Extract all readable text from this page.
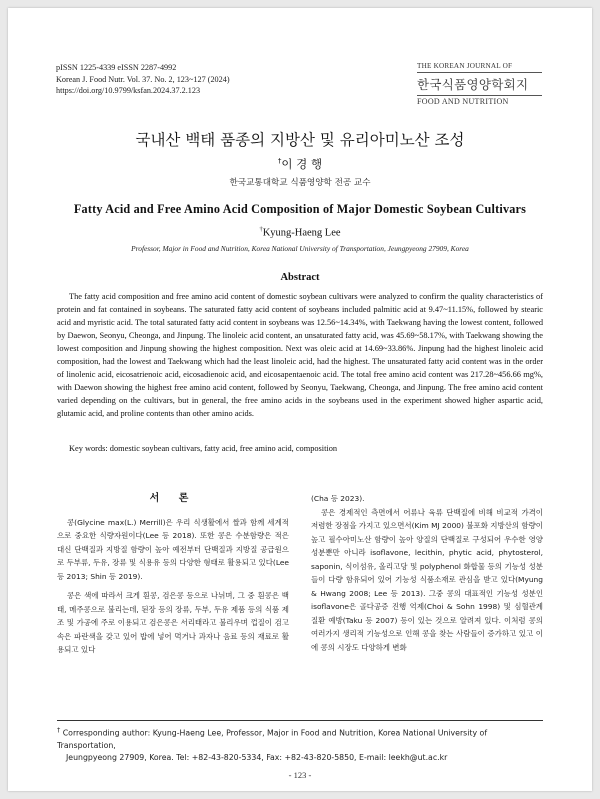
pISSN 1225-4339 eISSN 2287-4992
Korean J. Food Nutr. Vol. 37. No. 2, 123~127 (2024)
https://doi.org/10.9799/ksfan.2024.37.2.123
THE KOREAN JOURNAL OF
한국식품영양학회지
FOOD AND NUTRITION
국내산 백태 품종의 지방산 및 유리아미노산 조성
†이 경 행
한국교통대학교 식품영양학 전공 교수
Fatty Acid and Free Amino Acid Composition of Major Domestic Soybean Cultivars
†Kyung-Haeng Lee
Professor, Major in Food and Nutrition, Korea National University of Transportation, Jeungpyeong 27909, Korea
Abstract

The fatty acid composition and free amino acid content of domestic soybean cultivars were analyzed to confirm the quality characteristics of protein and fat contained in soybeans. The saturated fatty acid content of soybeans included palmitic acid at 9.47~11.15%, followed by stearic acid and myristic acid. The total saturated fatty acid content in soybeans was 12.56~14.34%, with Taekwang having the lowest content, followed by Daewon, Seonyu, Cheonga, and Jinpung. The linoleic acid content, an unsaturated fatty acid, was 45.69~58.17%, with Taekwang showing the lowest composition and Jinpung showing the highest composition. Next was oleic acid at 14.69~33.86%. Jinpung had the highest linoleic acid composition, had the lowest and Taekwang which had the least linoleic acid, had the highest. The unsaturated fatty acid content was in the order of linolenic acid, eicosatrienoic acid, eicosadienoic acid, and eicosapentaenoic acid. The total free amino acid content was 217.28~456.66 mg%, with Daewon showing the highest free amino acid content, followed by Seonyu, Taekwang, Cheonga, and Jinpung. The free amino acid content varied depending on the cultivars, but in general, the free amino acids in the soybeans used in the experiment showed higher aspartic acid, glutamic acid, and proline contents than other amino acids.

Key words: domestic soybean cultivars, fatty acid, free amino acid, composition
서 론

콩(Glycine max(L.) Merrill)은 우리 식생활에서 쌀과 함께 세계적으로 중요한 식량자원이다(Lee 등 2018). 또한 콩은 수분함량은 적은 대신 단백질과 지방질 함량이 높아 예전부터 단백질과 지방질 공급원으로 두부류, 두유, 장류 및 식용유 등의 다양한 형태로 활용되고 있다(Lee 등 2013; Shin 등 2019).

콩은 색에 따라서 크게 흰콩, 검은콩 등으로 나뉘며, 그 중 흰콩은 백태, 메주콩으로 불리는데, 된장 등의 장류, 두부, 두유 제품 등의 식품 제조 및 가공에 주로 이용되고 검은콩은 서리태라고 불리우며 껍질이 검고 속은 파란색을 갖고 있어 밥에 넣어 먹거나 과자나 음료 등의 재료로 활용되고 있다

(Cha 등 2023).

콩은 경제적인 측면에서 어류나 육류 단백질에 비해 비교적 가격이 저렴한 장점을 가지고 있으면서(Kim MJ 2000) 불포화 지방산의 함량이 높고 필수아미노산 함량이 높아 양질의 단백질로 구성되어 우수한 영양성분뿐만 아니라 isoflavone, lecithin, phytic acid, phytosterol, saponin, 식이섬유, 올리고당 및 polyphenol 화합물 등의 기능성 성분들이 다량 함유되어 있어 기능성 식품소재로 관심을 받고 있다(Myung & Hwang 2008; Lee 등 2013). 그중 콩의 대표적인 기능성 성분인 isoflavone은 골다공증 진행 억제(Choi & Sohn 1998) 및 심혈관계 질환 예방(Taku 등 2007) 등이 있는 것으로 알려져 있다. 이처럼 콩의 여러가지 생리적 기능성으로 인해 콩을 찾는 사람들이 증가하고 있고 이에 콩의 시장도 다양하게 변화

† Corresponding author: Kyung-Haeng Lee, Professor, Major in Food and Nutrition, Korea National University of Transportation,
Jeungpyeong 27909, Korea. Tel: +82-43-820-5334, Fax: +82-43-820-5850, E-mail: leekh@ut.ac.kr
- 123 -
